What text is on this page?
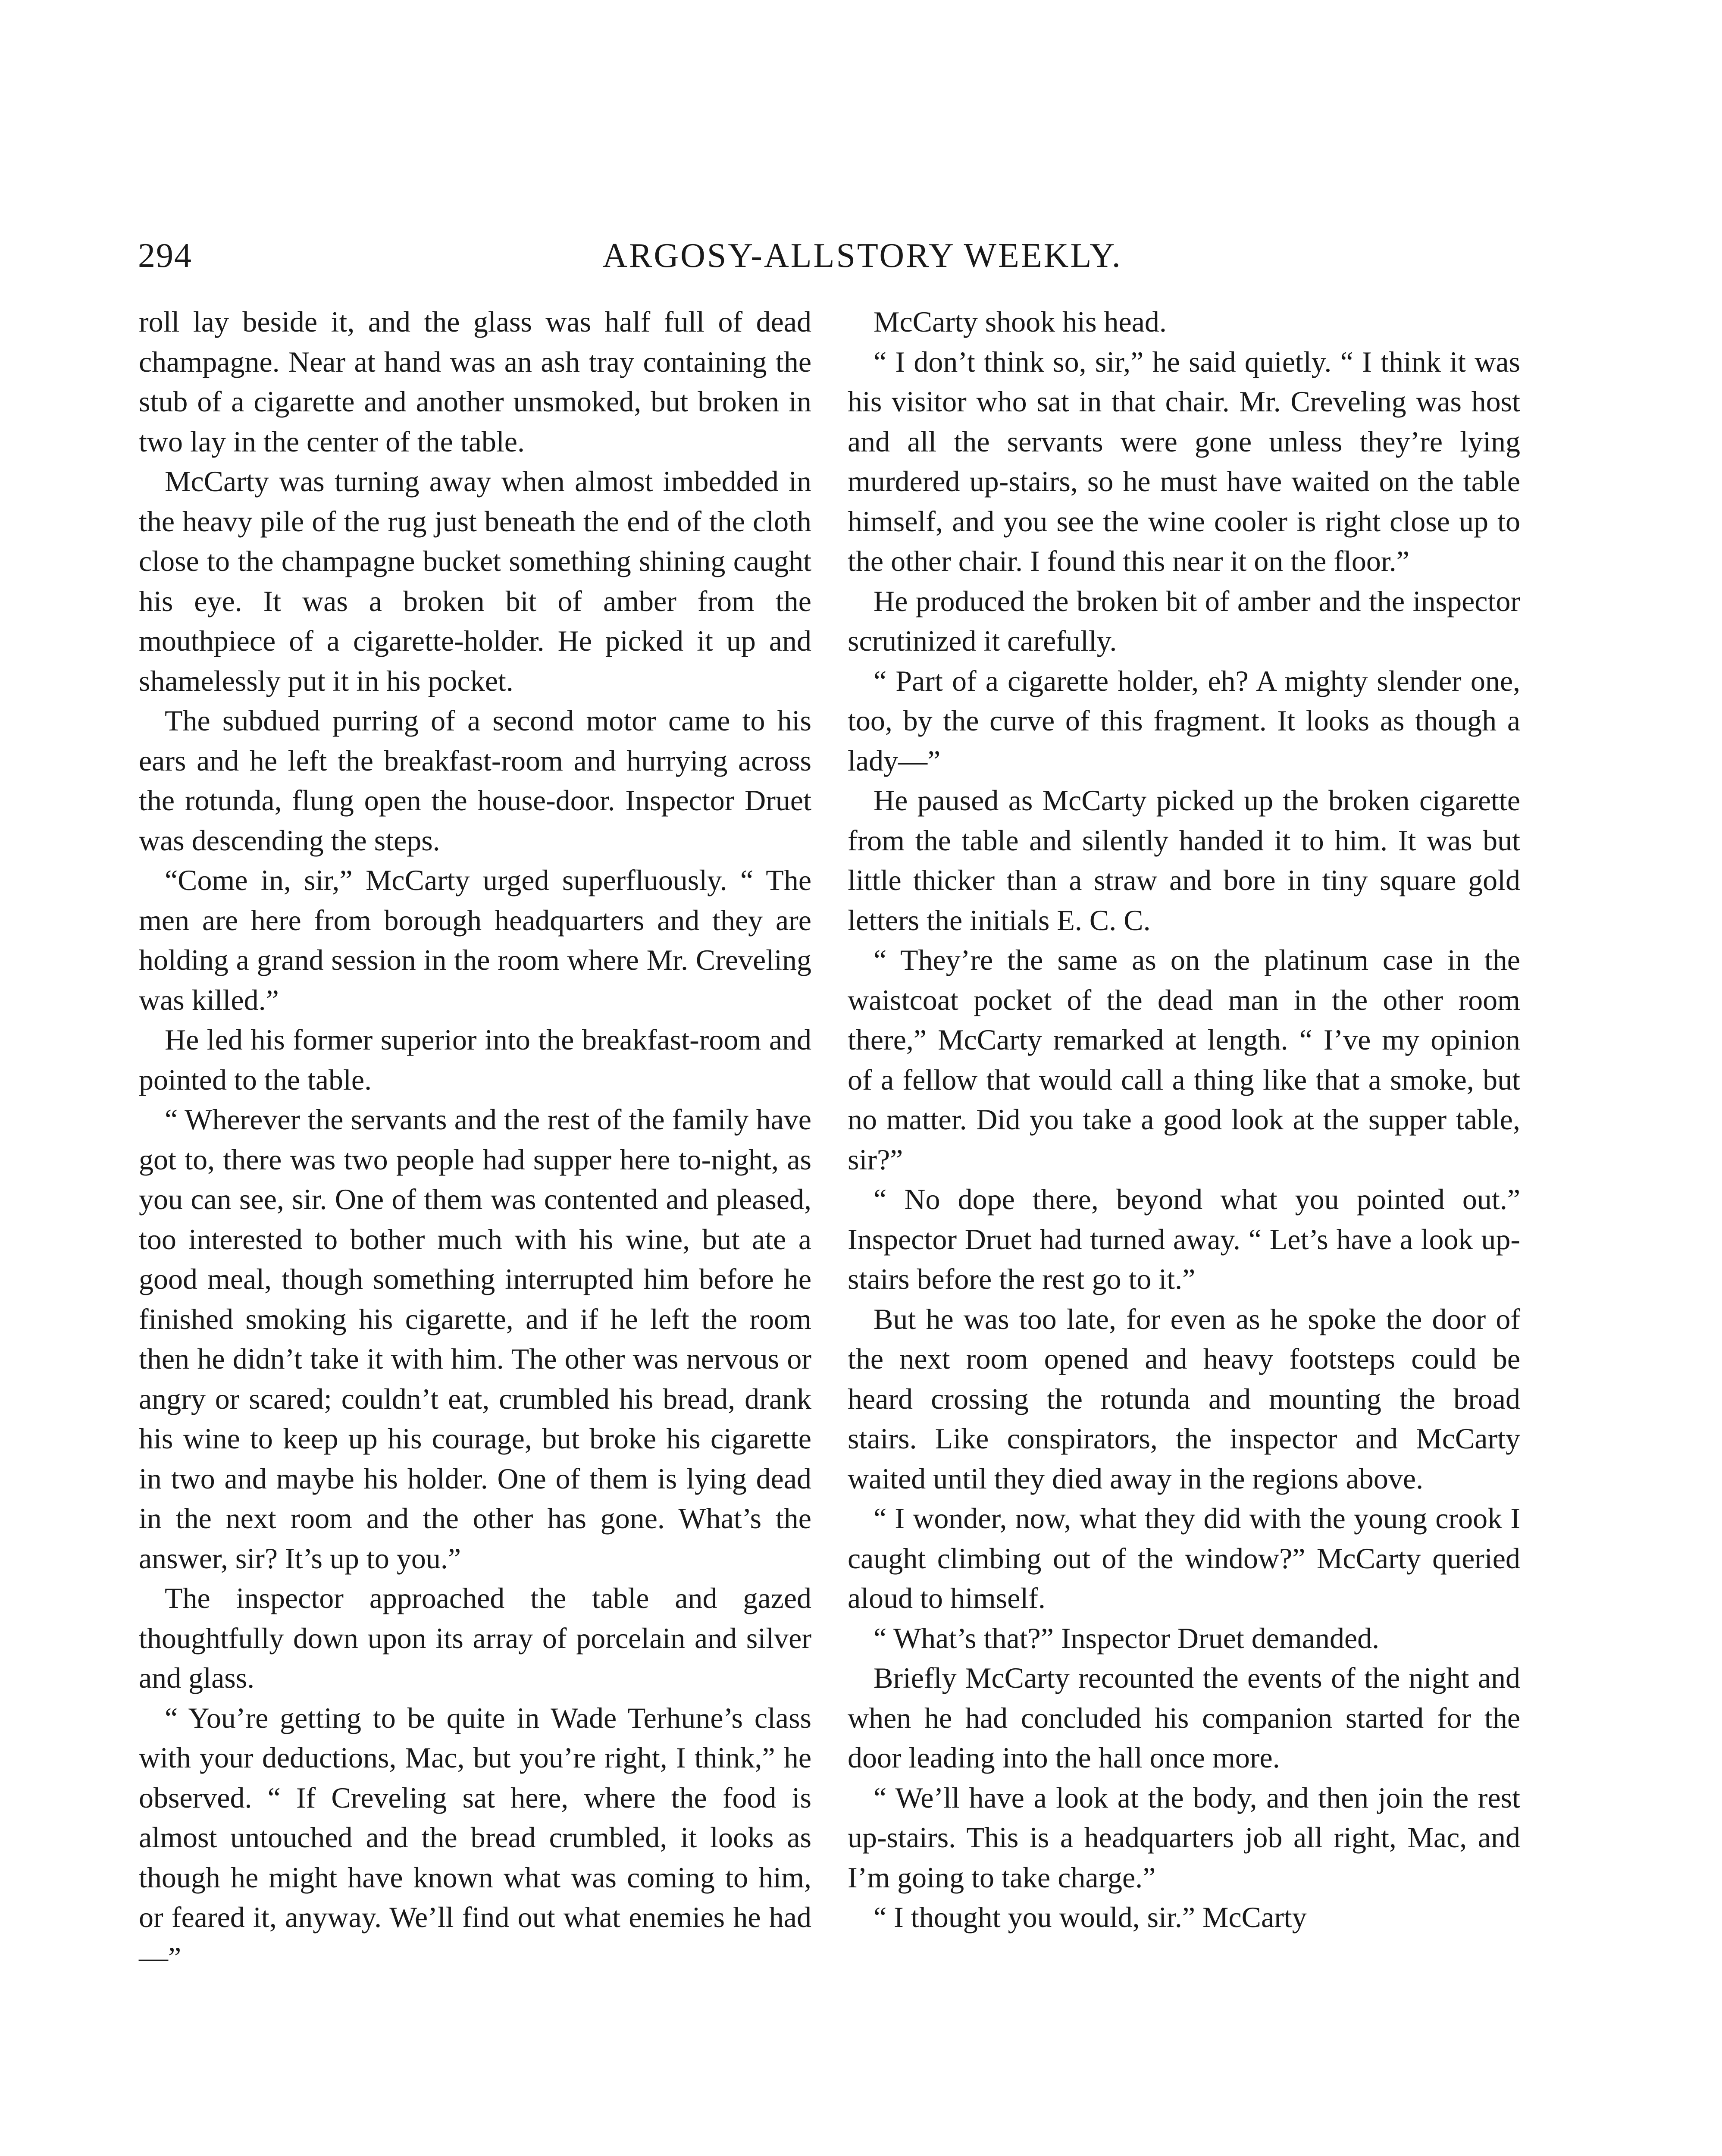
294	ARGOSY-ALLSTORY WEEKLY.

roll lay beside it, and the glass was half full of dead champagne. Near at hand was an ash tray containing the stub of a cigarette and another unsmoked, but broken in two lay in the center of the table.

McCarty was turning away when almost imbedded in the heavy pile of the rug just beneath the end of the cloth close to the champagne bucket something shining caught his eye. It was a broken bit of amber from the mouthpiece of a cigarette-holder. He picked it up and shamelessly put it in his pocket.

The subdued purring of a second motor came to his ears and he left the breakfast-room and hurrying across the rotunda, flung open the house-door. Inspector Druet was descending the steps.

“Come in, sir,” McCarty urged superfluously. “ The men are here from borough headquarters and they are holding a grand session in the room where Mr. Creveling was killed.”

He led his former superior into the breakfast-room and pointed to the table.

“ Wherever the servants and the rest of the family have got to, there was two people had supper here to-night, as you can see, sir. One of them was contented and pleased, too interested to bother much with his wine, but ate a good meal, though something interrupted him before he finished smoking his cigarette, and if he left the room then he didn’t take it with him. The other was nervous or angry or scared; couldn’t eat, crumbled his bread, drank his wine to keep up his courage, but broke his cigarette in two and maybe his holder. One of them is lying dead in the next room and the other has gone. What’s the answer, sir? It’s up to you.”

The inspector approached the table and gazed thoughtfully down upon its array of porcelain and silver and glass.

“ You’re getting to be quite in Wade Terhune’s class with your deductions, Mac, but you’re right, I think,” he observed. “ If Creveling sat here, where the food is almost untouched and the bread crumbled, it looks as though he might have known what was coming to him, or feared it, anyway. We’ll find out what enemies he had—”

McCarty shook his head.

“ I don’t think so, sir,” he said quietly. “ I think it was his visitor who sat in that chair. Mr. Creveling was host and all the servants were gone unless they’re lying murdered up-stairs, so he must have waited on the table himself, and you see the wine cooler is right close up to the other chair. I found this near it on the floor.”

He produced the broken bit of amber and the inspector scrutinized it carefully.

“ Part of a cigarette holder, eh? A mighty slender one, too, by the curve of this fragment. It looks as though a lady—”

He paused as McCarty picked up the broken cigarette from the table and silently handed it to him. It was but little thicker than a straw and bore in tiny square gold letters the initials E. C. C.

“ They’re the same as on the platinum case in the waistcoat pocket of the dead man in the other room there,” McCarty remarked at length. “ I’ve my opinion of a fellow that would call a thing like that a smoke, but no matter. Did you take a good look at the supper table, sir?”

“ No dope there, beyond what you pointed out.” Inspector Druet had turned away. “ Let’s have a look up-stairs before the rest go to it.”

But he was too late, for even as he spoke the door of the next room opened and heavy footsteps could be heard crossing the rotunda and mounting the broad stairs. Like conspirators, the inspector and McCarty waited until they died away in the regions above.

“ I wonder, now, what they did with the young crook I caught climbing out of the window?” McCarty queried aloud to himself.

“ What’s that?” Inspector Druet demanded.

Briefly McCarty recounted the events of the night and when he had concluded his companion started for the door leading into the hall once more.

“ We’ll have a look at the body, and then join the rest up-stairs. This is a headquarters job all right, Mac, and I’m going to take charge.”

“ I thought you would, sir.” McCarty
